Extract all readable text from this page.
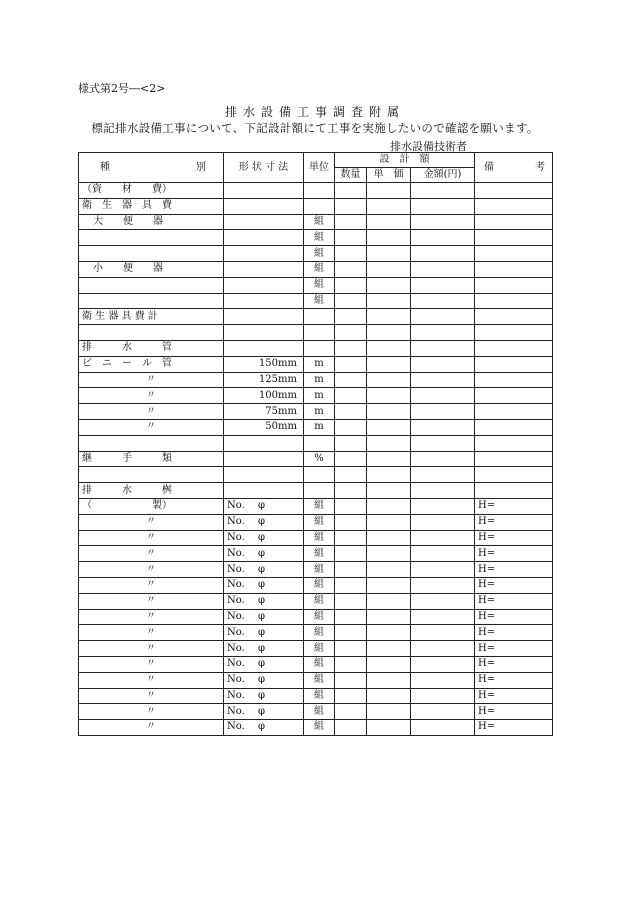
様式第2号―<2>
排水設備工事調査附属
標記排水設備工事について、下記設計額にて工事を実施したいので確認を願います。
排水設備技術者
種 別	形 状 寸 法	単位	設　計　額			備 考

			数量	単　価	金額(円)	
（資　　材　　費）						
衛　生　器　具　費						
大　　便　　器		組				
		組				
		組				
小　　便　　器		組				
		組				
		組				
衛 生 器 具 費 計						

排　　　水　　　管						
ビ　ニ　ー　ル　管	150mm	m				
〃	125mm	m				
〃	100mm	m				
〃	75mm	m				
〃	50mm	m				

継　　　手　　　類		%				

排　　　水　　　桝						
（　　　　　　製）	No.　 φ	組				H=
〃	No.　 φ	組				H=
〃	No.　 φ	組				H=
〃	No.　 φ	組				H=
〃	No.　 φ	組				H=
〃	No.　 φ	組				H=
〃	No.　 φ	組				H=
〃	No.　 φ	組				H=
〃	No.　 φ	組				H=
〃	No.　 φ	組				H=
〃	No.　 φ	組				H=
〃	No.　 φ	組				H=
〃	No.　 φ	組				H=
〃	No.　 φ	組				H=
〃	No.　 φ	組				H=
